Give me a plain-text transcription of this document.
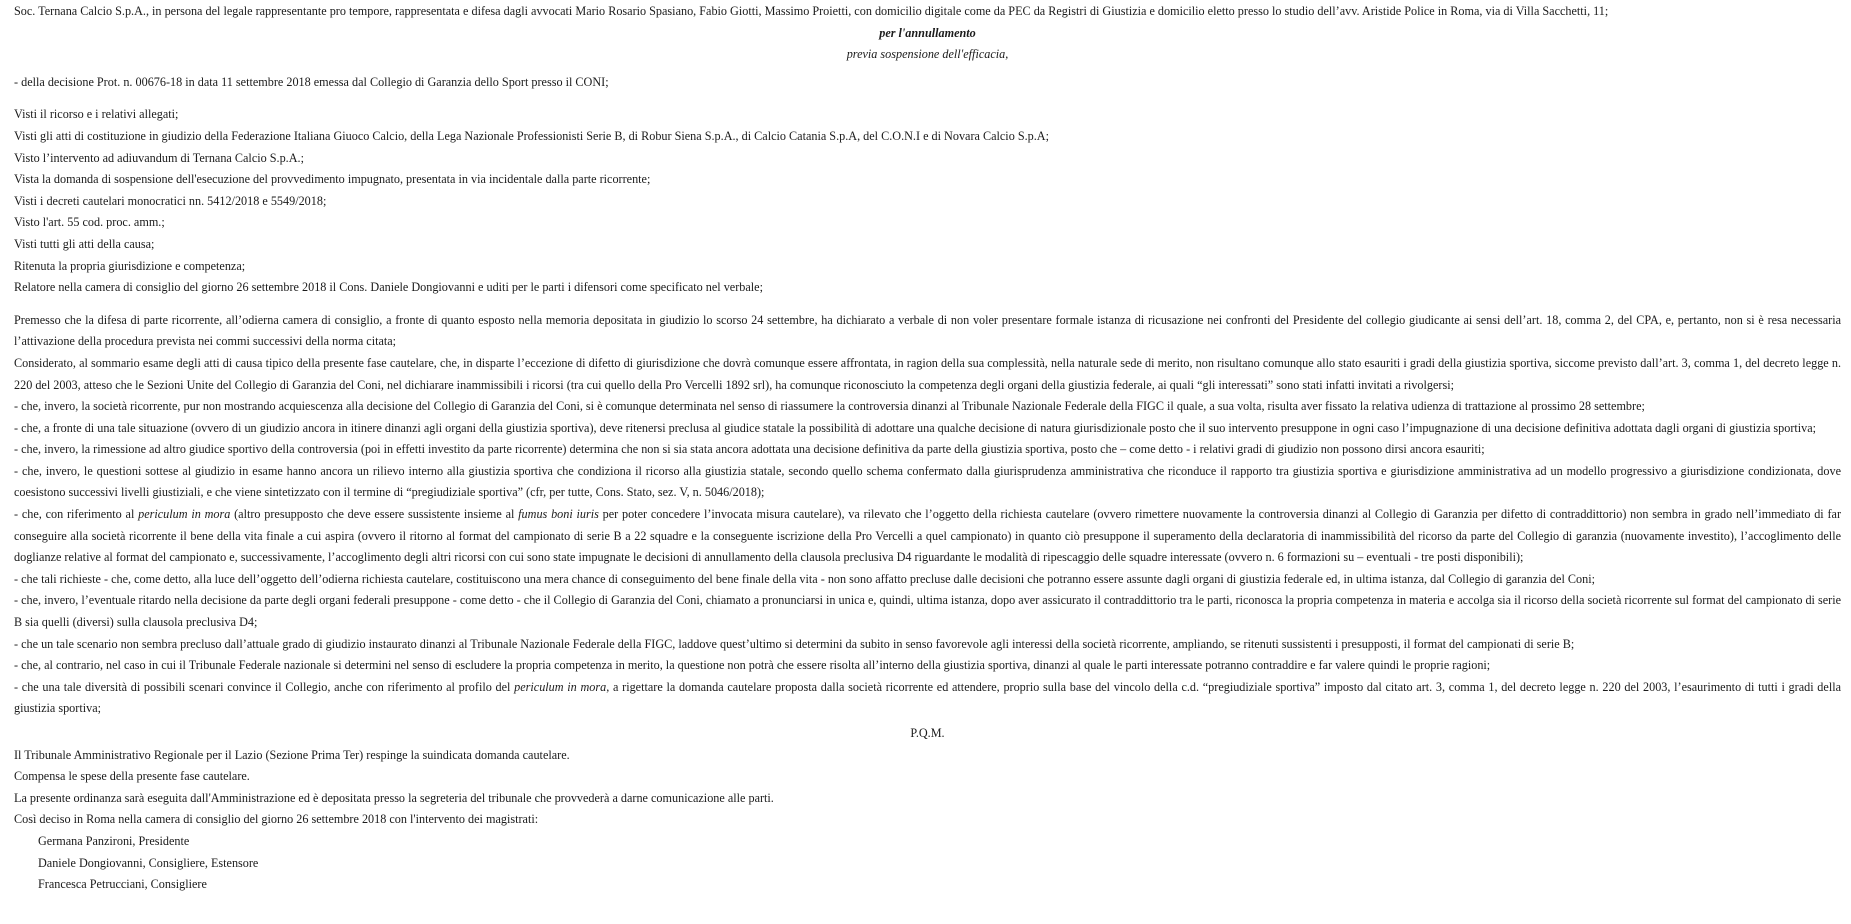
Soc. Ternana Calcio S.p.A., in persona del legale rappresentante pro tempore, rappresentata e difesa dagli avvocati Mario Rosario Spasiano, Fabio Giotti, Massimo Proietti, con domicilio digitale come da PEC da Registri di Giustizia e domicilio eletto presso lo studio dell’avv. Aristide Police in Roma, via di Villa Sacchetti, 11;

per l'annullamento

previa sospensione dell'efficacia,

- della decisione Prot. n. 00676-18 in data 11 settembre 2018 emessa dal Collegio di Garanzia dello Sport presso il CONI;

Visti il ricorso e i relativi allegati;

Visti gli atti di costituzione in giudizio della Federazione Italiana Giuoco Calcio, della Lega Nazionale Professionisti Serie B, di Robur Siena S.p.A., di Calcio Catania S.p.A, del C.O.N.I e di Novara Calcio S.p.A;

Visto l’intervento ad adiuvandum di Ternana Calcio S.p.A.;

Vista la domanda di sospensione dell'esecuzione del provvedimento impugnato, presentata in via incidentale dalla parte ricorrente;

Visti i decreti cautelari monocratici nn. 5412/2018 e 5549/2018;

Visto l'art. 55 cod. proc. amm.;

Visti tutti gli atti della causa;

Ritenuta la propria giurisdizione e competenza;

Relatore nella camera di consiglio del giorno 26 settembre 2018 il Cons. Daniele Dongiovanni e uditi per le parti i difensori come specificato nel verbale;

Premesso che la difesa di parte ricorrente, all’odierna camera di consiglio, a fronte di quanto esposto nella memoria depositata in giudizio lo scorso 24 settembre, ha dichiarato a verbale di non voler presentare formale istanza di ricusazione nei confronti del Presidente del collegio giudicante ai sensi dell’art. 18, comma 2, del CPA, e, pertanto, non si è resa necessaria l’attivazione della procedura prevista nei commi successivi della norma citata;

Considerato, al sommario esame degli atti di causa tipico della presente fase cautelare, che, in disparte l’eccezione di difetto di giurisdizione che dovrà comunque essere affrontata, in ragion della sua complessità, nella naturale sede di merito, non risultano comunque allo stato esauriti i gradi della giustizia sportiva, siccome previsto dall’art. 3, comma 1, del decreto legge n. 220 del 2003, atteso che le Sezioni Unite del Collegio di Garanzia del Coni, nel dichiarare inammissibili i ricorsi (tra cui quello della Pro Vercelli 1892 srl), ha comunque riconosciuto la competenza degli organi della giustizia federale, ai quali “gli interessati” sono stati infatti invitati a rivolgersi;

- che, invero, la società ricorrente, pur non mostrando acquiescenza alla decisione del Collegio di Garanzia del Coni, si è comunque determinata nel senso di riassumere la controversia dinanzi al Tribunale Nazionale Federale della FIGC il quale, a sua volta, risulta aver fissato la relativa udienza di trattazione al prossimo 28 settembre;

- che, a fronte di una tale situazione (ovvero di un giudizio ancora in itinere dinanzi agli organi della giustizia sportiva), deve ritenersi preclusa al giudice statale la possibilità di adottare una qualche decisione di natura giurisdizionale posto che il suo intervento presuppone in ogni caso l’impugnazione di una decisione definitiva adottata dagli organi di giustizia sportiva;

- che, invero, la rimessione ad altro giudice sportivo della controversia (poi in effetti investito da parte ricorrente) determina che non si sia stata ancora adottata una decisione definitiva da parte della giustizia sportiva, posto che – come detto - i relativi gradi di giudizio non possono dirsi ancora esauriti;

- che, invero, le questioni sottese al giudizio in esame hanno ancora un rilievo interno alla giustizia sportiva che condiziona il ricorso alla giustizia statale, secondo quello schema confermato dalla giurisprudenza amministrativa che riconduce il rapporto tra giustizia sportiva e giurisdizione amministrativa ad un modello progressivo a giurisdizione condizionata, dove coesistono successivi livelli giustiziali, e che viene sintetizzato con il termine di “pregiudiziale sportiva” (cfr, per tutte, Cons. Stato, sez. V, n. 5046/2018);

- che, con riferimento al periculum in mora (altro presupposto che deve essere sussistente insieme al fumus boni iuris per poter concedere l’invocata misura cautelare), va rilevato che l’oggetto della richiesta cautelare (ovvero rimettere nuovamente la controversia dinanzi al Collegio di Garanzia per difetto di contraddittorio) non sembra in grado nell’immediato di far conseguire alla società ricorrente il bene della vita finale a cui aspira (ovvero il ritorno al format del campionato di serie B a 22 squadre e la conseguente iscrizione della Pro Vercelli a quel campionato) in quanto ciò presuppone il superamento della declaratoria di inammissibilità del ricorso da parte del Collegio di garanzia (nuovamente investito), l’accoglimento delle doglianze relative al format del campionato e, successivamente, l’accoglimento degli altri ricorsi con cui sono state impugnate le decisioni di annullamento della clausola preclusiva D4 riguardante le modalità di ripescaggio delle squadre interessate (ovvero n. 6 formazioni su – eventuali - tre posti disponibili);

- che tali richieste - che, come detto, alla luce dell’oggetto dell’odierna richiesta cautelare, costituiscono una mera chance di conseguimento del bene finale della vita - non sono affatto precluse dalle decisioni che potranno essere assunte dagli organi di giustizia federale ed, in ultima istanza, dal Collegio di garanzia del Coni;

- che, invero, l’eventuale ritardo nella decisione da parte degli organi federali presuppone - come detto - che il Collegio di Garanzia del Coni, chiamato a pronunciarsi in unica e, quindi, ultima istanza, dopo aver assicurato il contraddittorio tra le parti, riconosca la propria competenza in materia e accolga sia il ricorso della società ricorrente sul format del campionato di serie B sia quelli (diversi) sulla clausola preclusiva D4;

- che un tale scenario non sembra precluso dall’attuale grado di giudizio instaurato dinanzi al Tribunale Nazionale Federale della FIGC, laddove quest’ultimo si determini da subito in senso favorevole agli interessi della società ricorrente, ampliando, se ritenuti sussistenti i presupposti, il format del campionati di serie B;

- che, al contrario, nel caso in cui il Tribunale Federale nazionale si determini nel senso di escludere la propria competenza in merito, la questione non potrà che essere risolta all’interno della giustizia sportiva, dinanzi al quale le parti interessate potranno contraddire e far valere quindi le proprie ragioni;

- che una tale diversità di possibili scenari convince il Collegio, anche con riferimento al profilo del periculum in mora, a rigettare la domanda cautelare proposta dalla società ricorrente ed attendere, proprio sulla base del vincolo della c.d. “pregiudiziale sportiva” imposto dal citato art. 3, comma 1, del decreto legge n. 220 del 2003, l’esaurimento di tutti i gradi della giustizia sportiva;

P.Q.M.

Il Tribunale Amministrativo Regionale per il Lazio (Sezione Prima Ter) respinge la suindicata domanda cautelare.

Compensa le spese della presente fase cautelare.

La presente ordinanza sarà eseguita dall'Amministrazione ed è depositata presso la segreteria del tribunale che provvederà a darne comunicazione alle parti.

Così deciso in Roma nella camera di consiglio del giorno 26 settembre 2018 con l'intervento dei magistrati:

Germana Panzironi, Presidente

Daniele Dongiovanni, Consigliere, Estensore

Francesca Petrucciani, Consigliere
